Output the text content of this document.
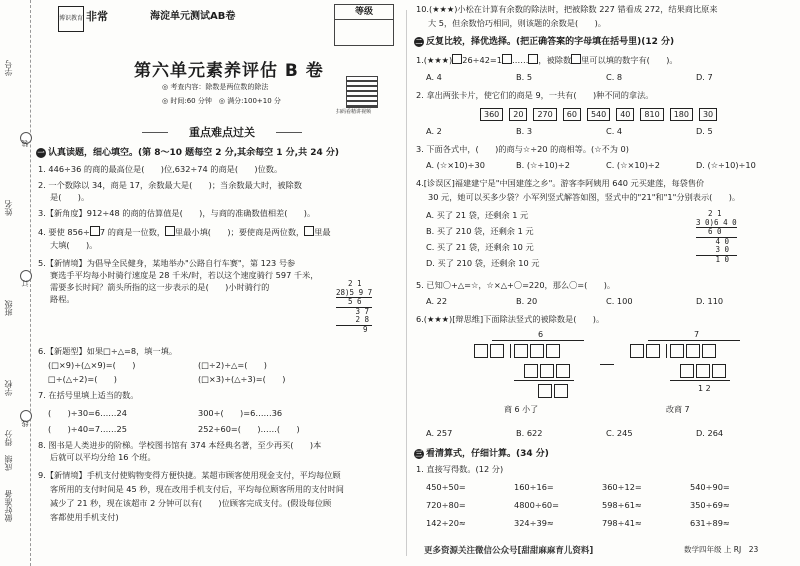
学号
姓名
班级
学校
得分
成绩
做好准备
装
订
线
博识教育 非常	海淀单元测试AB卷	等级
第六单元素养评估 B 卷
◎ 考查内容：除数是两位数的除法
◎ 时间:60 分钟　◎ 满分:100+10 分
扫码看精讲视频
重点难点过关
一 认真读题，细心填空。(第 8～10 题每空 2 分,其余每空 1 分,共 24 分)
1. 446÷36 的商的最高位是(　　)位,632÷74 的商是(　　)位数。
2. 一个数除以 34，商是 17，余数最大是(　　)；当余数最大时，被除数
是(　　)。
3.【新角度】912÷48 的商的估算值是(　　)，与商的准确数值相差(　　)。
4. 要使 856÷ 7 的商是一位数， 里最小填(　　)；要使商是两位数， 里最
大填(　　)。
5.【新情境】为倡导全民健身，某地举办"公路自行车赛"，第 123 号参
赛选手平均每小时骑行速度是 28 千米/时，若以这个速度骑行 597 千米，
需要多长时间？箭头所指的这一步表示的是(　　)小时骑行的
路程。
　 2 1
28)5 9 7
　 5 6
　　 3 7
　　 2 8
　　　 9
6.【新题型】如果□÷△=8，填一填。
(□×9)÷(△×9)=(　　)	(□÷2)÷△=(　　)
□÷(△÷2)=(　　)	(□×3)÷(△÷3)=(　　)
7. 在括号里填上适当的数。
(　　)÷30=6……24	300÷(　　)=6……36
(　　)÷40=7……25	252÷60=(　　)……(　　)
8. 图书是人类进步的阶梯。学校图书馆有 374 本经典名著，至少再买(　　)本
后就可以平均分给 16 个班。
9.【新情境】手机支付使购物变得方便快捷。某超市顾客使用现金支付，平均每位顾
客所用的支付时间是 45 秒，现在改用手机支付后，平均每位顾客所用的支付时间
减少了 21 秒，现在该超市 2 分钟可以有(　　)位顾客完成支付。(假设每位顾
客都使用手机支付)
10.(★★★)小松在计算有余数的除法时，把被除数 227 错看成 272，结果商比原来
大 5，但余数恰巧相同，则该题的余数是(　　)。
二 反复比较，择优选择。(把正确答案的字母填在括号里)(12 分)
1.(★★★) 26÷42=1 …… ，被除数 里可以填的数字有(　　)。
A. 4	B. 5	C. 8	D. 7
2. 拿出两张卡片，使它们的商是 9，一共有(　　)种不同的拿法。
360	20	270	60	540	40	810	180	30
A. 2	B. 3	C. 4	D. 5
3. 下面各式中，(　　)的商与☆÷20 的商相等。(☆不为 0)
A. (☆×10)÷30	B. (☆÷10)÷2	C. (☆×10)÷2	D. (☆÷10)÷10
4.[诊误区]福建建宁是"中国建莲之乡"。游客李阿姨用 640 元买建莲，每袋售价
30 元，她可以买多少袋？小军列竖式解答如图，竖式中的"21"和"1"分别表示(　　)。
A. 买了 21 袋，还剩余 1 元
B. 买了 210 袋，还剩余 1 元
C. 买了 21 袋，还剩余 10 元
D. 买了 210 袋，还剩余 10 元
　 2 1
3 0)6 4 0
　 6 0
　　 4 0
　　 3 0
　　 1 0
5. 已知〇+△=☆，☆×△+〇=220，那么〇=(　　)。
A. 22	B. 20	C. 100	D. 110
6.(★★★)[辩思维]下面除法竖式的被除数是(　　)。
6
商 6 小了
7
1 2
改商 7
A. 257	B. 622	C. 245	D. 264
三 看清算式，仔细计算。(34 分)
1. 直接写得数。(12 分)
450÷50=	160÷16=	360÷12=	540÷90=
720÷80=	4800÷60=	598÷61≈	350÷69≈
142÷20≈	324÷39≈	798÷41≈	631÷89≈
更多资源关注微信公众号[甜甜麻麻育儿资料]	数学四年级 上 RJ　 23
